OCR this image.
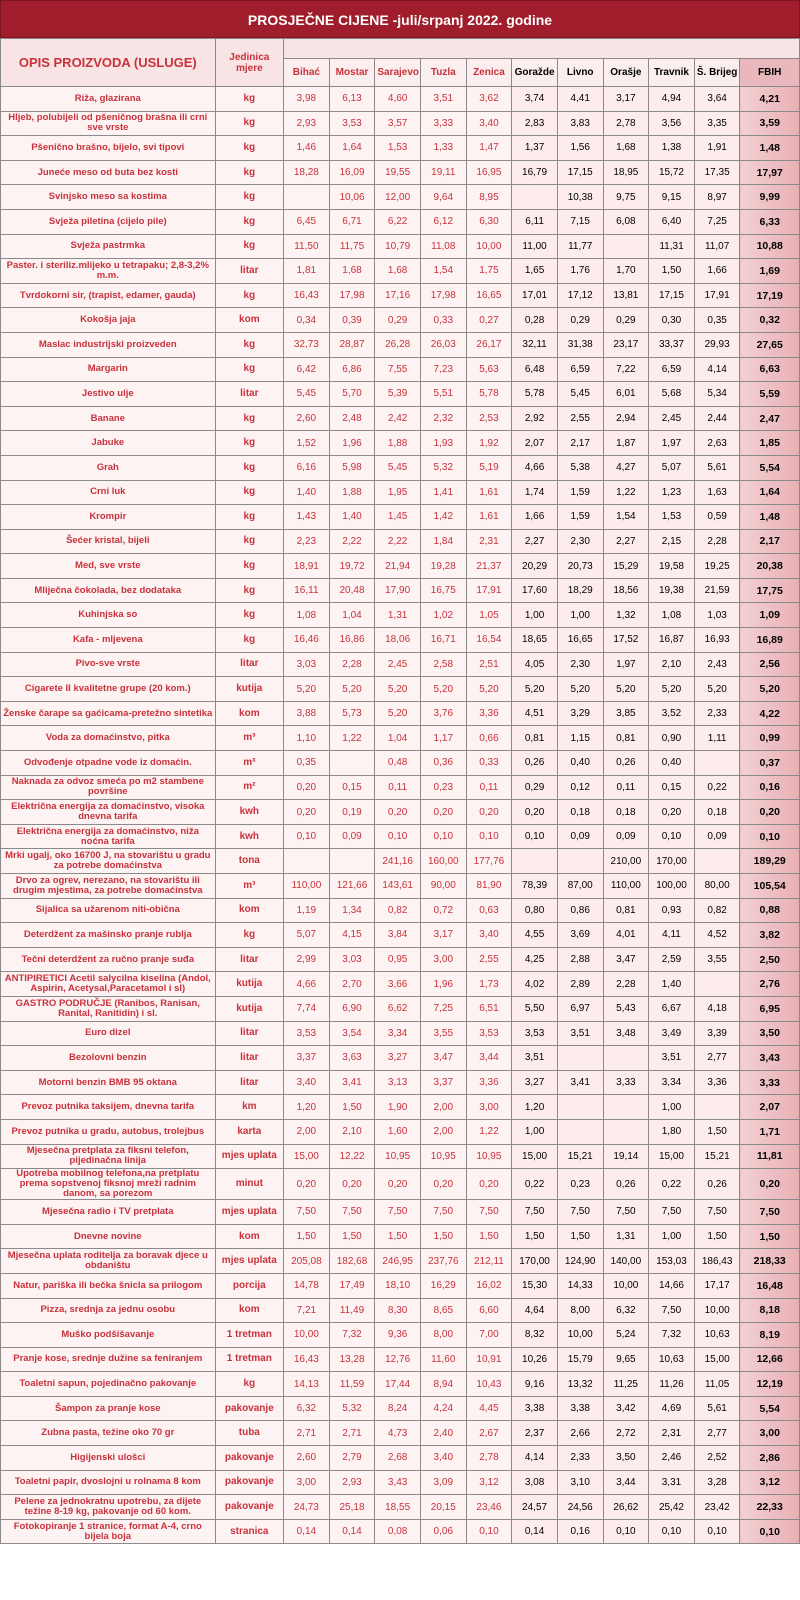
PROSJEČNE CIJENE -juli/srpanj 2022. godine
OPIS PROIZVODA (USLUGE)	Jedinica mjere											
		Bihać	Mostar	Sarajevo	Tuzla	Zenica	Goražde	Livno	Orašje	Travnik	Š. Brijeg	FBIH
Riža, glazirana	kg	3,98	6,13	4,60	3,51	3,62	3,74	4,41	3,17	4,94	3,64	4,21
Hljeb, polubijeli od pšeničnog brašna ili crni sve vrste	kg	2,93	3,53	3,57	3,33	3,40	2,83	3,83	2,78	3,56	3,35	3,59
Pšenično brašno, bijelo, svi tipovi	kg	1,46	1,64	1,53	1,33	1,47	1,37	1,56	1,68	1,38	1,91	1,48
Juneće meso od buta bez kosti	kg	18,28	16,09	19,55	19,11	16,95	16,79	17,15	18,95	15,72	17,35	17,97
Svinjsko meso sa kostima	kg		10,06	12,00	9,64	8,95		10,38	9,75	9,15	8,97	9,99
Svježa piletina (cijelo pile)	kg	6,45	6,71	6,22	6,12	6,30	6,11	7,15	6,08	6,40	7,25	6,33
Svježa pastrmka	kg	11,50	11,75	10,79	11,08	10,00	11,00	11,77		11,31	11,07	10,88
Paster. i steriliz.mlijeko u tetrapaku; 2,8-3,2% m.m.	litar	1,81	1,68	1,68	1,54	1,75	1,65	1,76	1,70	1,50	1,66	1,69
Tvrdokorni sir, (trapist, edamer, gauda)	kg	16,43	17,98	17,16	17,98	16,65	17,01	17,12	13,81	17,15	17,91	17,19
Kokošja jaja	kom	0,34	0,39	0,29	0,33	0,27	0,28	0,29	0,29	0,30	0,35	0,32
Maslac industrijski proizveden	kg	32,73	28,87	26,28	26,03	26,17	32,11	31,38	23,17	33,37	29,93	27,65
Margarin	kg	6,42	6,86	7,55	7,23	5,63	6,48	6,59	7,22	6,59	4,14	6,63
Jestivo ulje	litar	5,45	5,70	5,39	5,51	5,78	5,78	5,45	6,01	5,68	5,34	5,59
Banane	kg	2,60	2,48	2,42	2,32	2,53	2,92	2,55	2,94	2,45	2,44	2,47
Jabuke	kg	1,52	1,96	1,88	1,93	1,92	2,07	2,17	1,87	1,97	2,63	1,85
Grah	kg	6,16	5,98	5,45	5,32	5,19	4,66	5,38	4,27	5,07	5,61	5,54
Crni luk	kg	1,40	1,88	1,95	1,41	1,61	1,74	1,59	1,22	1,23	1,63	1,64
Krompir	kg	1,43	1,40	1,45	1,42	1,61	1,66	1,59	1,54	1,53	0,59	1,48
Šećer kristal, bijeli	kg	2,23	2,22	2,22	1,84	2,31	2,27	2,30	2,27	2,15	2,28	2,17
Med, sve vrste	kg	18,91	19,72	21,94	19,28	21,37	20,29	20,73	15,29	19,58	19,25	20,38
Mliječna čokolada, bez dodataka	kg	16,11	20,48	17,90	16,75	17,91	17,60	18,29	18,56	19,38	21,59	17,75
Kuhinjska so	kg	1,08	1,04	1,31	1,02	1,05	1,00	1,00	1,32	1,08	1,03	1,09
Kafa - mljevena	kg	16,46	16,86	18,06	16,71	16,54	18,65	16,65	17,52	16,87	16,93	16,89
Pivo-sve vrste	litar	3,03	2,28	2,45	2,58	2,51	4,05	2,30	1,97	2,10	2,43	2,56
Cigarete II kvalitetne grupe (20 kom.)	kutija	5,20	5,20	5,20	5,20	5,20	5,20	5,20	5,20	5,20	5,20	5,20
Ženske čarape sa gaćicama-pretežno sintetika	kom	3,88	5,73	5,20	3,76	3,36	4,51	3,29	3,85	3,52	2,33	4,22
Voda za domaćinstvo, pitka	m³	1,10	1,22	1,04	1,17	0,66	0,81	1,15	0,81	0,90	1,11	0,99
Odvođenje otpadne vode iz domaćin.	m³	0,35		0,48	0,36	0,33	0,26	0,40	0,26	0,40		0,37
Naknada za odvoz smeća po m2 stambene površine	m²	0,20	0,15	0,11	0,23	0,11	0,29	0,12	0,11	0,15	0,22	0,16
Električna energija za domaćinstvo, visoka dnevna tarifa	kwh	0,20	0,19	0,20	0,20	0,20	0,20	0,18	0,18	0,20	0,18	0,20
Električna energija za domaćinstvo, niža noćna tarifa	kwh	0,10	0,09	0,10	0,10	0,10	0,10	0,09	0,09	0,10	0,09	0,10
Mrki ugalj, oko 16700 J, na stovarištu u gradu za potrebe domaćinstva	tona			241,16	160,00	177,76			210,00	170,00		189,29
Drvo za ogrev, nerezano, na stovarištu ili drugim mjestima, za potrebe domaćinstva	m³	110,00	121,66	143,61	90,00	81,90	78,39	87,00	110,00	100,00	80,00	105,54
Sijalica sa užarenom niti-obična	kom	1,19	1,34	0,82	0,72	0,63	0,80	0,86	0,81	0,93	0,82	0,88
Deterdžent za mašinsko pranje rublja	kg	5,07	4,15	3,84	3,17	3,40	4,55	3,69	4,01	4,11	4,52	3,82
Tečni deterdžent za ručno pranje suđa	litar	2,99	3,03	0,95	3,00	2,55	4,25	2,88	3,47	2,59	3,55	2,50
ANTIPIRETICI Acetil salycilna kiselina (Andol, Aspirin, Acetysal,Paracetamol i sl)	kutija	4,66	2,70	3,66	1,96	1,73	4,02	2,89	2,28	1,40		2,76
GASTRO PODRUČJE (Ranibos, Ranisan, Ranital, Ranitidin) i sl.	kutija	7,74	6,90	6,62	7,25	6,51	5,50	6,97	5,43	6,67	4,18	6,95
Euro dizel	litar	3,53	3,54	3,34	3,55	3,53	3,53	3,51	3,48	3,49	3,39	3,50
Bezolovni benzin	litar	3,37	3,63	3,27	3,47	3,44	3,51			3,51	2,77	3,43
Motorni benzin BMB 95 oktana	litar	3,40	3,41	3,13	3,37	3,36	3,27	3,41	3,33	3,34	3,36	3,33
Prevoz putnika taksijem, dnevna tarifa	km	1,20	1,50	1,90	2,00	3,00	1,20			1,00		2,07
Prevoz putnika u gradu, autobus, trolejbus	karta	2,00	2,10	1,60	2,00	1,22	1,00			1,80	1,50	1,71
Mjesečna pretplata za fiksni telefon, pijedinačna linija	mjes uplata	15,00	12,22	10,95	10,95	10,95	15,00	15,21	19,14	15,00	15,21	11,81
Upotreba mobilnog telefona,na pretplatu prema sopstvenoj fiksnoj mreži radnim danom, sa porezom	minut	0,20	0,20	0,20	0,20	0,20	0,22	0,23	0,26	0,22	0,26	0,20
Mjesečna radio i TV pretplata	mjes uplata	7,50	7,50	7,50	7,50	7,50	7,50	7,50	7,50	7,50	7,50	7,50
Dnevne novine	kom	1,50	1,50	1,50	1,50	1,50	1,50	1,50	1,31	1,00	1,50	1,50
Mjesečna uplata roditelja za boravak djece u obdaništu	mjes uplata	205,08	182,68	246,95	237,76	212,11	170,00	124,90	140,00	153,03	186,43	218,33
Natur, pariška ili bečka šnicla sa prilogom	porcija	14,78	17,49	18,10	16,29	16,02	15,30	14,33	10,00	14,66	17,17	16,48
Pizza, srednja za jednu osobu	kom	7,21	11,49	8,30	8,65	6,60	4,64	8,00	6,32	7,50	10,00	8,18
Muško podšišavanje	1 tretman	10,00	7,32	9,36	8,00	7,00	8,32	10,00	5,24	7,32	10,63	8,19
Pranje kose, srednje dužine sa feniranjem	1 tretman	16,43	13,28	12,76	11,60	10,91	10,26	15,79	9,65	10,63	15,00	12,66
Toaletni sapun, pojedinačno pakovanje	kg	14,13	11,59	17,44	8,94	10,43	9,16	13,32	11,25	11,26	11,05	12,19
Šampon za pranje kose	pakovanje	6,32	5,32	8,24	4,24	4,45	3,38	3,38	3,42	4,69	5,61	5,54
Zubna pasta, težine oko 70 gr	tuba	2,71	2,71	4,73	2,40	2,67	2,37	2,66	2,72	2,31	2,77	3,00
Higijenski ulošci	pakovanje	2,60	2,79	2,68	3,40	2,78	4,14	2,33	3,50	2,46	2,52	2,86
Toaletni papir, dvoslojni u rolnama 8 kom	pakovanje	3,00	2,93	3,43	3,09	3,12	3,08	3,10	3,44	3,31	3,28	3,12
Pelene za jednokratnu upotrebu, za dijete težine 8-19 kg, pakovanje od 60 kom.	pakovanje	24,73	25,18	18,55	20,15	23,46	24,57	24,56	26,62	25,42	23,42	22,33
Fotokopiranje 1 stranice, format A-4, crno bijela boja	stranica	0,14	0,14	0,08	0,06	0,10	0,14	0,16	0,10	0,10	0,10	0,10
